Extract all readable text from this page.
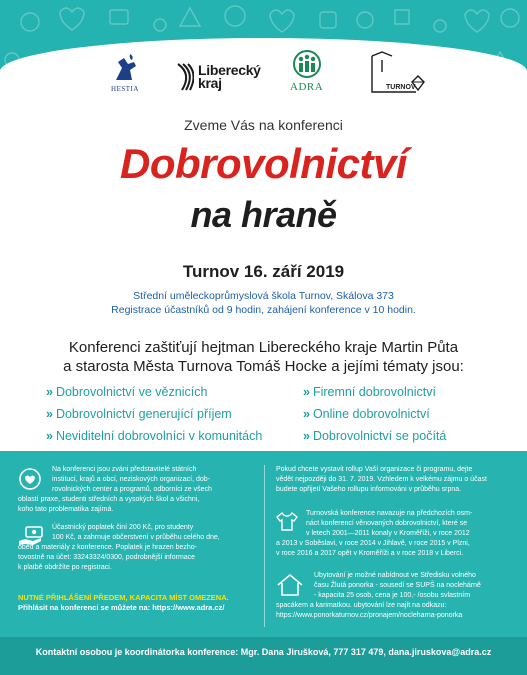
HESTIA
Liberecký
kraj	ADRA	TURNOV
Zveme Vás na konferenci
Dobrovolnictví
na hraně
Turnov 16. září 2019
Střední uměleckoprůmyslová škola Turnov, Skálova 373
Registrace účastníků od 9 hodin, zahájení konference v 10 hodin.
Konferenci zaštiťují hejtman Libereckého kraje Martin Půta
a starosta Města Turnova Tomáš Hocke a jejími tématy jsou:
» Dobrovolnictví ve věznicích
» Dobrovolnictví generující příjem
» Neviditelní dobrovolníci v komunitách
» Firemní dobrovolnictví
» Online dobrovolnictví
» Dobrovolnictví se počítá
Na konferenci jsou zváni představitelé státních
institucí, krajů a obcí, neziskových organizací, dob-
rovolnických center a programů, odborníci ze všech
oblastí praxe, studenti středních a vysokých škol a všichni,
koho tato problematika zajímá.
Účastnický poplatek činí 200 Kč, pro studenty
100 Kč, a zahrnuje občerstvení v průběhu celého dne,
oběd a materiály z konference. Poplatek je hrazen bezho-
tovostně na účet: 33243324/0300, podrobnější informace
k platbě obdržíte po registraci.
NUTNÉ PŘIHLÁŠENÍ PŘEDEM, KAPACITA MÍST OMEZENA.
Přihlásit na konferenci se můžete na: https://www.adra.cz/
Pokud chcete vystavit rollup Vaší organizace či programu, dejte
vědět nejpozději do 31. 7. 2019. Vzhledem k velkému zájmu o účast
budete opřijetí Vašeho rollupu informováni v průběhu srpna.
Turnovská konference navazuje na předchozích osm-
náct konferencí věnovaných dobrovolnictví, které se
v letech 2001—2011 konaly v Kroměříži, v roce 2012
a 2013 v Soběslavi, v roce 2014 v Jihlavě, v roce 2015 v Plzni,
v roce 2016 a 2017 opět v Kroměříži a v roce 2018 v Liberci.
Ubytování je možné nabídnout ve Středisku volného
času Žlutá ponorka - sousedí se SUPŠ na noclehárně
- kapacita 25 osob, cena je 100,- /osobu svlastním
spacákem a karimatkou. ubytování lze najít na odkazu:
https://www.ponorkaturnov.cz/pronajem/nocleharna-ponorka
Kontaktní osobou je koordinátorka konference: Mgr. Dana Jirušková, 777 317 479, dana.jiruskova@adra.cz
